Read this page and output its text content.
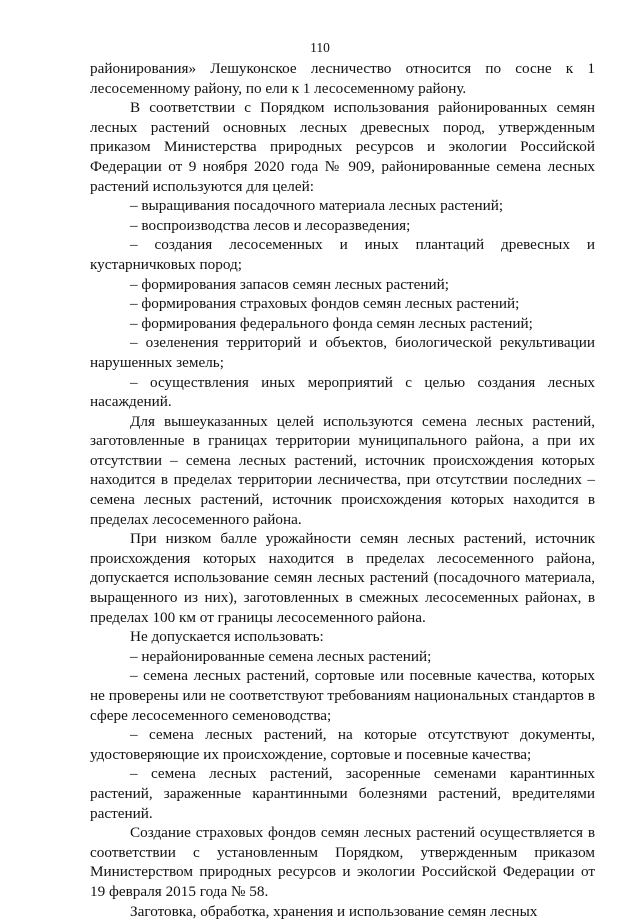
110

районирования» Лешуконское лесничество относится по сосне к 1 лесосеменному району, по ели к 1 лесосеменному району.

В соответствии с Порядком использования районированных семян лесных растений основных лесных древесных пород, утвержденным приказом Министерства природных ресурсов и экологии Российской Федерации от 9 ноября 2020 года № 909, районированные семена лесных растений используются для целей:

– выращивания посадочного материала лесных растений;

– воспроизводства лесов и лесоразведения;

– создания лесосеменных и иных плантаций древесных и кустарничковых пород;

– формирования запасов семян лесных растений;

– формирования страховых фондов семян лесных растений;

– формирования федерального фонда семян лесных растений;

– озеленения территорий и объектов, биологической рекультивации нарушенных земель;

– осуществления иных мероприятий с целью создания лесных насаждений.

Для вышеуказанных целей используются семена лесных растений, заготовленные в границах территории муниципального района, а при их отсутствии – семена лесных растений, источник происхождения которых находится в пределах территории лесничества, при отсутствии последних – семена лесных растений, источник происхождения которых находится в пределах лесосеменного района.

При низком балле урожайности семян лесных растений, источник происхождения которых находится в пределах лесосеменного района, допускается использование семян лесных растений (посадочного материала, выращенного из них), заготовленных в смежных лесосеменных районах, в пределах 100 км от границы лесосеменного района.

Не допускается использовать:

– нерайонированные семена лесных растений;

– семена лесных растений, сортовые или посевные качества, которых не проверены или не соответствуют требованиям национальных стандартов в сфере лесосеменного семеноводства;

– семена лесных растений, на которые отсутствуют документы, удостоверяющие их происхождение, сортовые и посевные качества;

– семена лесных растений, засоренные семенами карантинных растений, зараженные карантинными болезнями растений, вредителями растений.

Создание страховых фондов семян лесных растений осуществляется в соответствии с установленным Порядком, утвержденным приказом Министерством природных ресурсов и экологии Российской Федерации от 19 февраля 2015 года № 58.

Заготовка, обработка, хранения и использование семян лесных
